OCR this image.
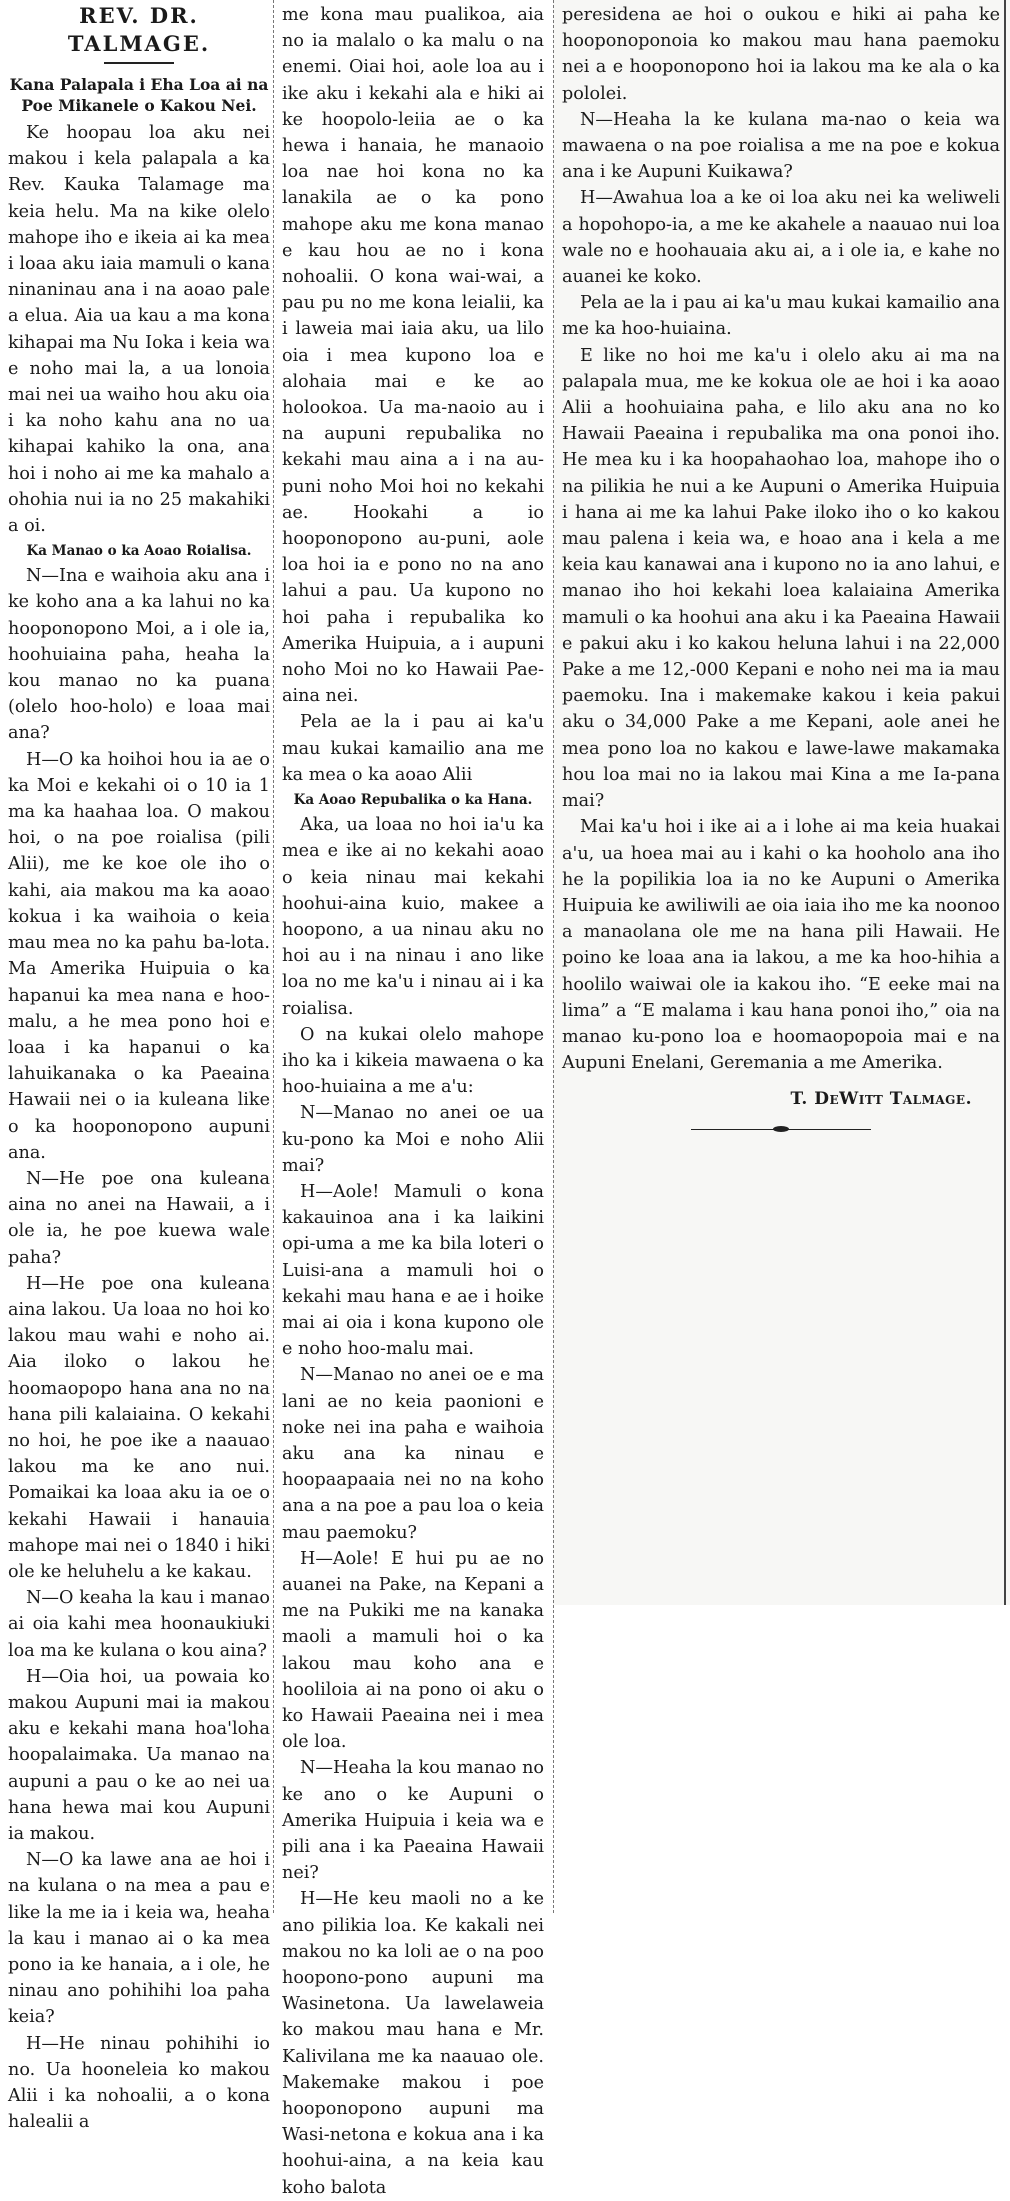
REV. DR. TALMAGE.
Kana Palapala i Eha Loa ai na Poe Mikanele o Kakou Nei.

Ke hoopau loa aku nei makou i kela palapala a ka Rev. Kauka Talamage ma keia helu. Ma na kike olelo mahope iho e ikeia ai ka mea i loaa aku iaia mamuli o kana ninaninau ana i na aoao pale a elua. Aia ua kau a ma kona kihapai ma Nu Ioka i keia wa e noho mai la, a ua lonoia mai nei ua waiho hou aku oia i ka noho kahu ana no ua kihapai kahiko la ona, ana hoi i noho ai me ka mahalo a ohohia nui ia no 25 makahiki a oi.

Ka Manao o ka Aoao Roialisa.

N—Ina e waihoia aku ana i ke koho ana a ka lahui no ka hooponopono Moi, a i ole ia, hoohuiaina paha, heaha la kou manao no ka puana (olelo hoo-holo) e loaa mai ana?

H—O ka hoihoi hou ia ae o ka Moi e kekahi oi o 10 ia 1 ma ka haahaa loa. O makou hoi, o na poe roialisa (pili Alii), me ke koe ole iho o kahi, aia makou ma ka aoao kokua i ka waihoia o keia mau mea no ka pahu ba-lota. Ma Amerika Huipuia o ka hapanui ka mea nana e hoo-malu, a he mea pono hoi e loaa i ka hapanui o ka lahuikanaka o ka Paeaina Hawaii nei o ia kuleana like o ka hooponopono aupuni ana.

N—He poe ona kuleana aina no anei na Hawaii, a i ole ia, he poe kuewa wale paha?

H—He poe ona kuleana aina lakou. Ua loaa no hoi ko lakou mau wahi e noho ai. Aia iloko o lakou he hoomaopopo hana ana no na hana pili kalaiaina. O kekahi no hoi, he poe ike a naauao lakou ma ke ano nui. Pomaikai ka loaa aku ia oe o kekahi Hawaii i hanauia mahope mai nei o 1840 i hiki ole ke heluhelu a ke kakau.

N—O keaha la kau i manao ai oia kahi mea hoonaukiuki loa ma ke kulana o kou aina?

H—Oia hoi, ua powaia ko makou Aupuni mai ia makou aku e kekahi mana hoa'loha hoopalaimaka. Ua manao na aupuni a pau o ke ao nei ua hana hewa mai kou Aupuni ia makou.

N—O ka lawe ana ae hoi i na kulana o na mea a pau e like la me ia i keia wa, heaha la kau i manao ai o ka mea pono ia ke hanaia, a i ole, he ninau ano pohihihi loa paha keia?

H—He ninau pohihihi io no. Ua hooneleia ko makou Alii i ka nohoalii, a o kona halealii a

me kona mau pualikoa, aia no ia malalo o ka malu o na enemi. Oiai hoi, aole loa au i ike aku i kekahi ala e hiki ai ke hoopolo-leiia ae o ka hewa i hanaia, he manaoio loa nae hoi kona no ka lanakila ae o ka pono mahope aku me kona manao e kau hou ae no i kona nohoalii. O kona wai-wai, a pau pu no me kona leialii, ka i laweia mai iaia aku, ua lilo oia i mea kupono loa e alohaia mai e ke ao holookoa. Ua ma-naoio au i na aupuni repubalika no kekahi mau aina a i na au-puni noho Moi hoi no kekahi ae. Hookahi a io hooponopono au-puni, aole loa hoi ia e pono no na ano lahui a pau. Ua kupono no hoi paha i repubalika ko Amerika Huipuia, a i aupuni noho Moi no ko Hawaii Pae-aina nei.

Pela ae la i pau ai ka'u mau kukai kamailio ana me ka mea o ka aoao Alii

Ka Aoao Repubalika o ka Hana.

Aka, ua loaa no hoi ia'u ka mea e ike ai no kekahi aoao o keia ninau mai kekahi hoohui-aina kuio, makee a hoopono, a ua ninau aku no hoi au i na ninau i ano like loa no me ka'u i ninau ai i ka roialisa.

O na kukai olelo mahope iho ka i kikeia mawaena o ka hoo-huiaina a me a'u:

N—Manao no anei oe ua ku-pono ka Moi e noho Alii mai?

H—Aole! Mamuli o kona kakauinoa ana i ka laikini opi-uma a me ka bila loteri o Luisi-ana a mamuli hoi o kekahi mau hana e ae i hoike mai ai oia i kona kupono ole e noho hoo-malu mai.

N—Manao no anei oe e ma lani ae no keia paonioni e noke nei ina paha e waihoia aku ana ka ninau e hoopaapaaia nei no na koho ana a na poe a pau loa o keia mau paemoku?

H—Aole! E hui pu ae no auanei na Pake, na Kepani a me na Pukiki me na kanaka maoli a mamuli hoi o ka lakou mau koho ana e hooliloia ai na pono oi aku o ko Hawaii Paeaina nei i mea ole loa.

N—Heaha la kou manao no ke ano o ke Aupuni o Amerika Huipuia i keia wa e pili ana i ka Paeaina Hawaii nei?

H—He keu maoli no a ke ano pilikia loa. Ke kakali nei makou no ka loli ae o na poo hoopono-pono aupuni ma Wasinetona. Ua lawelaweia ko makou mau hana e Mr. Kalivilana me ka naauao ole. Makemake makou i poe hooponopono aupuni ma Wasi-netona e kokua ana i ka hoohui-aina, a na keia kau koho balota

peresidena ae hoi o oukou e hiki ai paha ke hooponoponoia ko makou mau hana paemoku nei a e hooponopono hoi ia lakou ma ke ala o ka pololei.

N—Heaha la ke kulana ma-nao o keia wa mawaena o na poe roialisa a me na poe e kokua ana i ke Aupuni Kuikawa?

H—Awahua loa a ke oi loa aku nei ka weliweli a hopohopo-ia, a me ke akahele a naauao nui loa wale no e hoohauaia aku ai, a i ole ia, e kahe no auanei ke koko.

Pela ae la i pau ai ka'u mau kukai kamailio ana me ka hoo-huiaina.

E like no hoi me ka'u i olelo aku ai ma na palapala mua, me ke kokua ole ae hoi i ka aoao Alii a hoohuiaina paha, e lilo aku ana no ko Hawaii Paeaina i repubalika ma ona ponoi iho. He mea ku i ka hoopahaohao loa, mahope iho o na pilikia he nui a ke Aupuni o Amerika Huipuia i hana ai me ka lahui Pake iloko iho o ko kakou mau palena i keia wa, e hoao ana i kela a me keia kau kanawai ana i kupono no ia ano lahui, e manao iho hoi kekahi loea kalaiaina Amerika mamuli o ka hoohui ana aku i ka Paeaina Hawaii e pakui aku i ko kakou heluna lahui i na 22,000 Pake a me 12,-000 Kepani e noho nei ma ia mau paemoku. Ina i makemake kakou i keia pakui aku o 34,000 Pake a me Kepani, aole anei he mea pono loa no kakou e lawe-lawe makamaka hou loa mai no ia lakou mai Kina a me Ia-pana mai?

Mai ka'u hoi i ike ai a i lohe ai ma keia huakai a'u, ua hoea mai au i kahi o ka hooholo ana iho he la popilikia loa ia no ke Aupuni o Amerika Huipuia ke awiliwili ae oia iaia iho me ka noonoo a manaolana ole me na hana pili Hawaii. He poino ke loaa ana ia lakou, a me ka hoo-hihia a hoolilo waiwai ole ia kakou iho. “E eeke mai na lima” a “E malama i kau hana ponoi iho,” oia na manao ku-pono loa e hoomaopopoia mai e na Aupuni Enelani, Geremania a me Amerika.

T. DeWitt Talmage.
